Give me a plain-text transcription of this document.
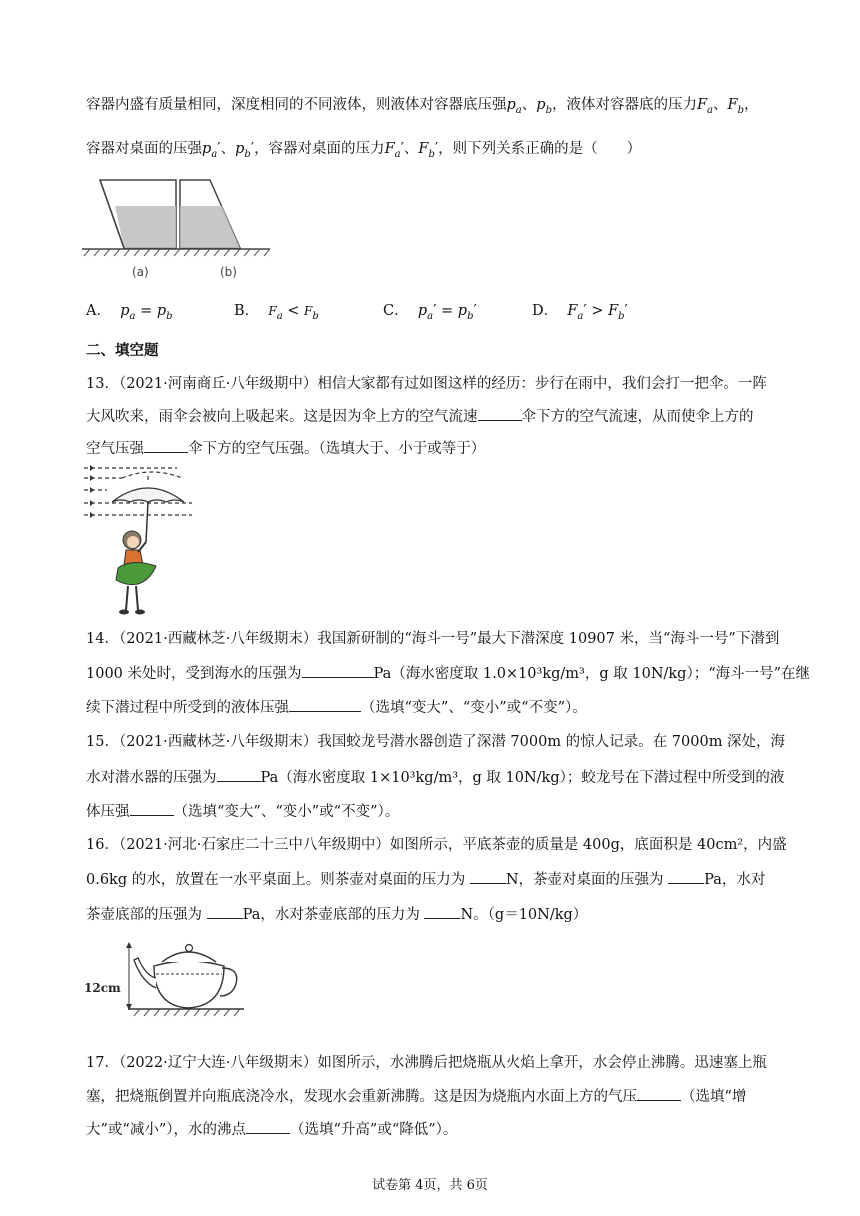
容器内盛有质量相同，深度相同的不同液体，则液体对容器底压强$p_a$、$p_b$，液体对容器底的压力$F_a$、$F_b$，
容器对桌面的压强$p_a'$、$p_b'$，容器对桌面的压力$F_a'$、$F_b'$，则下列关系正确的是（　　）
(a)	(b)
A． $p_a = p_b$	B． $F_a < F_b$	C． $p_a' = p_b'$	D． $F_a' > F_b'$
二、填空题
13．（2021·河南商丘·八年级期中）相信大家都有过如图这样的经历：步行在雨中，我们会打一把伞。一阵
大风吹来，雨伞会被向上吸起来。这是因为伞上方的空气流速	伞下方的空气流速，从而使伞上方的
空气压强	伞下方的空气压强。（选填大于、小于或等于）
14．（2021·西藏林芝·八年级期末）我国新研制的“海斗一号”最大下潜深度 10907 米，当“海斗一号”下潜到
1000 米处时，受到海水的压强为	Pa（海水密度取 1.0×10³kg/m³，g 取 10N/kg）；“海斗一号”在继
续下潜过程中所受到的液体压强	（选填“变大”、“变小”或“不变”）。
15．（2021·西藏林芝·八年级期末）我国蛟龙号潜水器创造了深潜 7000m 的惊人记录。在 7000m 深处，海
水对潜水器的压强为	Pa（海水密度取 1×10³kg/m³，g 取 10N/kg）；蛟龙号在下潜过程中所受到的液
体压强	（选填“变大”、“变小”或“不变”）。
16．（2021·河北·石家庄二十三中八年级期中）如图所示，平底茶壶的质量是 400g，底面积是 40cm²，内盛
0.6kg 的水，放置在一水平桌面上。则茶壶对桌面的压力为	N，茶壶对桌面的压强为	Pa，水对
茶壶底部的压强为	Pa，水对茶壶底部的压力为	N。（g＝10N/kg）
12cm
17．（2022·辽宁大连·八年级期末）如图所示，水沸腾后把烧瓶从火焰上拿开，水会停止沸腾。迅速塞上瓶
塞，把烧瓶倒置并向瓶底浇冷水，发现水会重新沸腾。这是因为烧瓶内水面上方的气压	（选填“增
大”或“减小”），水的沸点	（选填“升高”或“降低”）。
试卷第 4页，共 6页
